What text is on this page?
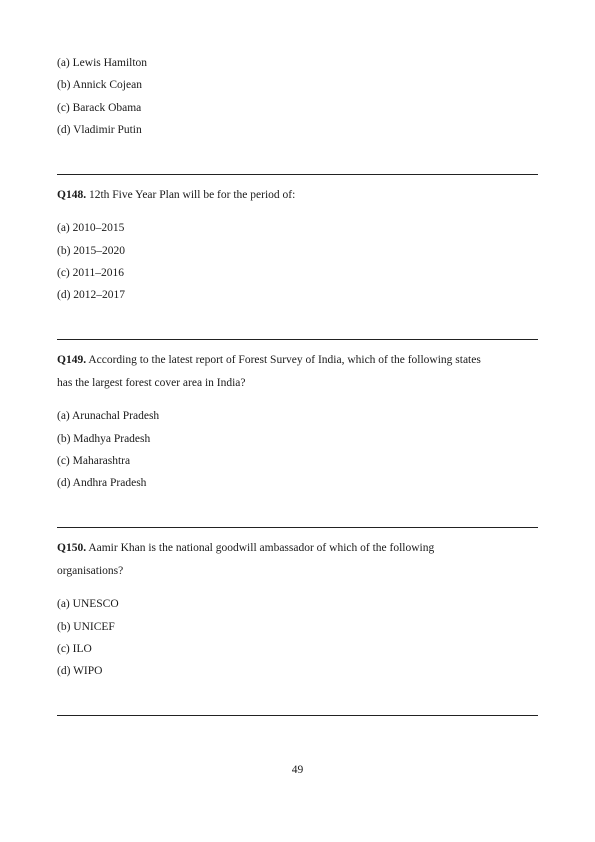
(a) Lewis Hamilton
(b) Annick Cojean
(c) Barack Obama
(d) Vladimir Putin
Q148. 12th Five Year Plan will be for the period of:
(a) 2010–2015
(b) 2015–2020
(c) 2011–2016
(d) 2012–2017
Q149. According to the latest report of Forest Survey of India, which of the following states
has the largest forest cover area in India?
(a) Arunachal Pradesh
(b) Madhya Pradesh
(c) Maharashtra
(d) Andhra Pradesh
Q150. Aamir Khan is the national goodwill ambassador of which of the following
organisations?
(a) UNESCO
(b) UNICEF
(c) ILO
(d) WIPO
49
